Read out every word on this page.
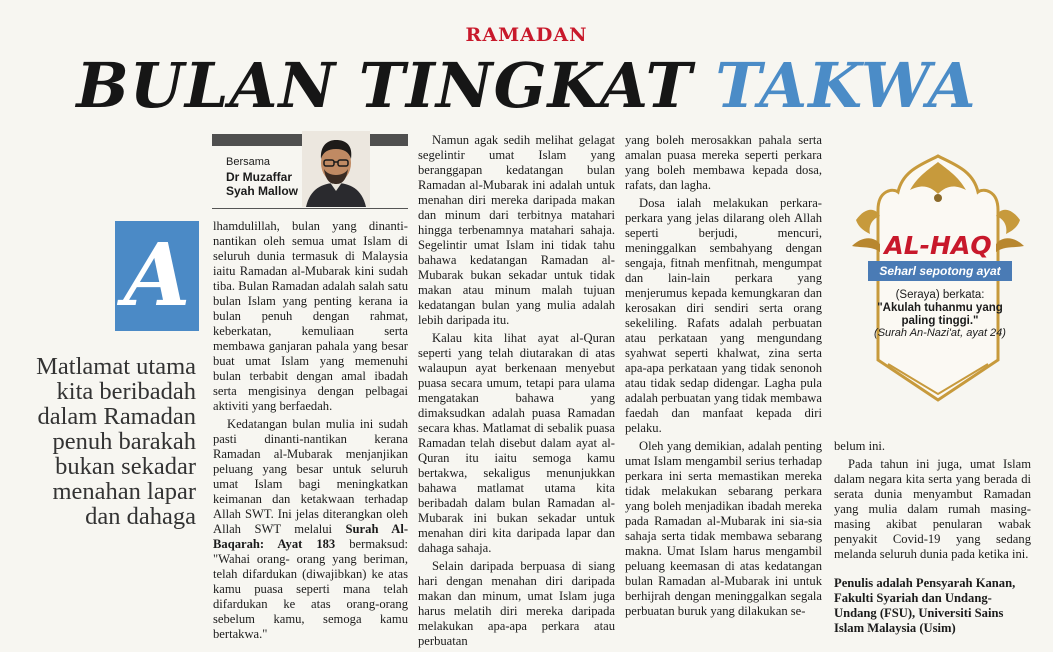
RAMADAN
BULAN TINGKAT TAKWA
Bersama
Dr Muzaffar Syah Mallow
A
Matlamat utama kita beribadah dalam Ramadan penuh barakah bukan sekadar menahan lapar dan dahaga

lhamdulillah, bulan yang dinanti-nantikan oleh semua umat Islam di seluruh dunia termasuk di Malaysia iaitu Ramadan al-Mubarak kini sudah tiba. Bulan Ramadan adalah salah satu bulan Islam yang penting kerana ia bulan penuh dengan rahmat, keberkatan, kemuliaan serta membawa ganjaran pahala yang besar buat umat Islam yang memenuhi bulan terbabit dengan amal ibadah serta mengisinya dengan pelbagai aktiviti yang berfaedah.

Kedatangan bulan mulia ini sudah pasti dinanti-nantikan kerana Ramadan al-Mubarak menjanjikan peluang yang besar untuk seluruh umat Islam bagi meningkatkan keimanan dan ketakwaan terhadap Allah SWT. Ini jelas diterangkan oleh Allah SWT melalui Surah Al-Baqarah: Ayat 183 bermaksud: "Wahai orang- orang yang beriman, telah difardukan (diwajibkan) ke atas kamu puasa seperti mana telah difardukan ke atas orang-orang sebelum kamu, semoga kamu bertakwa."

Namun agak sedih melihat gelagat segelintir umat Islam yang beranggapan kedatangan bulan Ramadan al-Mubarak ini adalah untuk menahan diri mereka daripada makan dan minum dari terbitnya matahari hingga terbenamnya matahari sahaja. Segelintir umat Islam ini tidak tahu bahawa kedatangan Ramadan al-Mubarak bukan sekadar untuk tidak makan atau minum malah tujuan kedatangan bulan yang mulia adalah lebih daripada itu.

Kalau kita lihat ayat al-Quran seperti yang telah diutarakan di atas walaupun ayat berkenaan menyebut puasa secara umum, tetapi para ulama mengatakan bahawa yang dimaksudkan adalah puasa Ramadan secara khas. Matlamat di sebalik puasa Ramadan telah disebut dalam ayat al-Quran itu iaitu semoga kamu bertakwa, sekaligus menunjukkan bahawa matlamat utama kita beribadah dalam bulan Ramadan al-Mubarak ini bukan sekadar untuk menahan diri kita daripada lapar dan dahaga sahaja.

Selain daripada berpuasa di siang hari dengan menahan diri daripada makan dan minum, umat Islam juga harus melatih diri mereka daripada melakukan apa-apa perkara atau perbuatan

yang boleh merosakkan pahala serta amalan puasa mereka seperti perkara yang boleh membawa kepada dosa, rafats, dan lagha.

Dosa ialah melakukan perkara-perkara yang jelas dilarang oleh Allah seperti berjudi, mencuri, meninggalkan sembahyang dengan sengaja, fitnah menfitnah, mengumpat dan lain-lain perkara yang menjerumus kepada kemungkaran dan kerosakan diri sendiri serta orang sekeliling. Rafats adalah perbuatan atau perkataan yang mengundang syahwat seperti khalwat, zina serta apa-apa perkataan yang tidak senonoh atau tidak sedap didengar. Lagha pula adalah perbuatan yang tidak membawa faedah dan manfaat kepada diri pelaku.

Oleh yang demikian, adalah penting umat Islam mengambil serius terhadap perkara ini serta memastikan mereka tidak melakukan sebarang perkara yang boleh menjadikan ibadah mereka pada Ramadan al-Mubarak ini sia-sia sahaja serta tidak membawa sebarang makna. Umat Islam harus mengambil peluang keemasan di atas kedatangan bulan Ramadan al-Mubarak ini untuk berhijrah dengan meninggalkan segala perbuatan buruk yang dilakukan se-

belum ini.

Pada tahun ini juga, umat Islam dalam negara kita serta yang berada di serata dunia menyambut Ramadan yang mulia dalam rumah masing-masing akibat penularan wabak penyakit Covid-19 yang sedang melanda seluruh dunia pada ketika ini.

Penulis adalah Pensyarah Kanan, Fakulti Syariah dan Undang-Undang (FSU), Universiti Sains Islam Malaysia (Usim)

AL-HAQ
Seharl sepotong ayat
(Seraya) berkata:
"Akulah tuhanmu yang paling tinggi."
(Surah An-Nazi'at, ayat 24)
